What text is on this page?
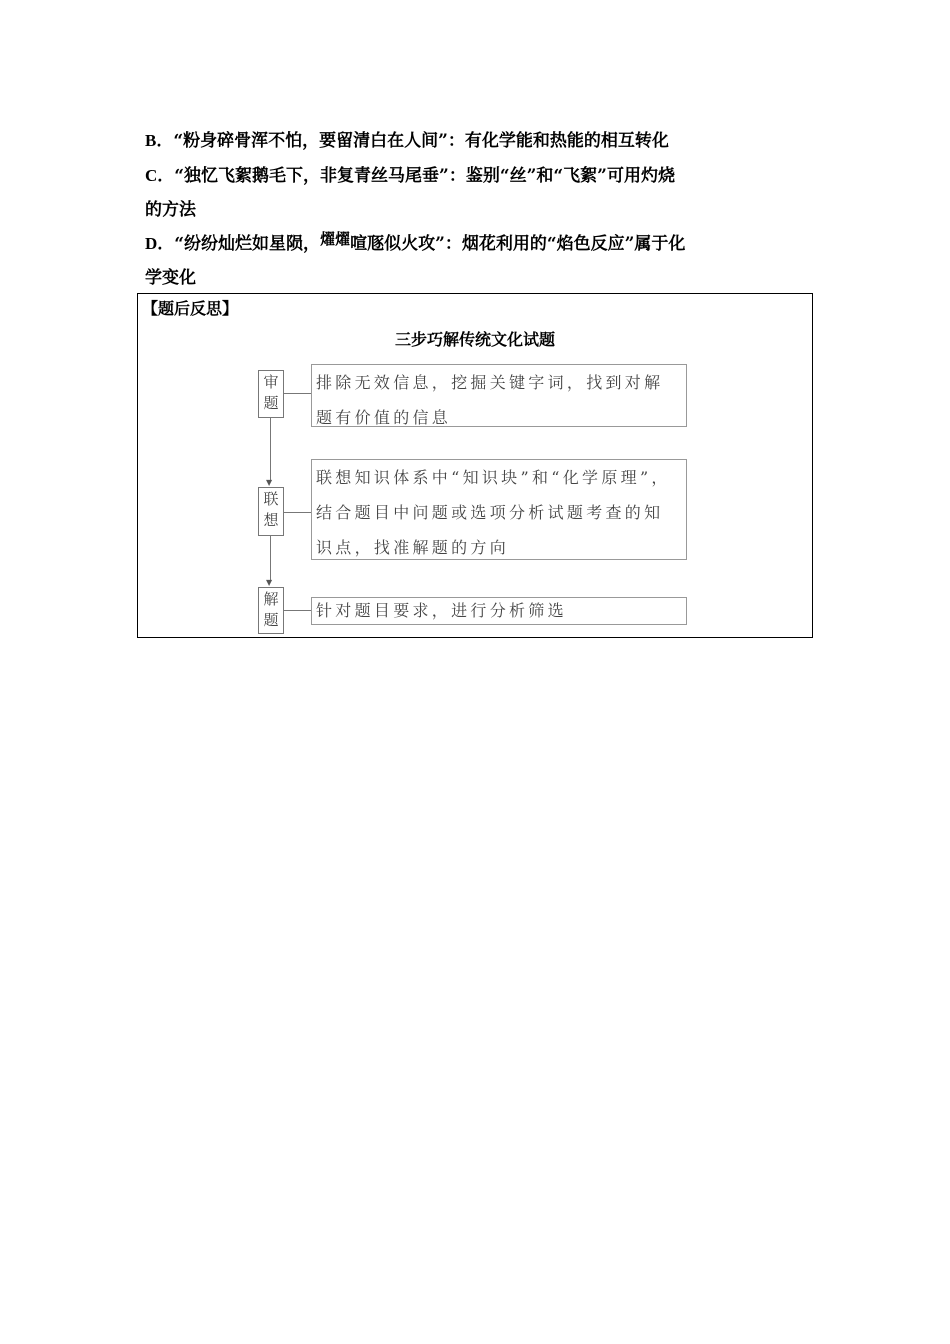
B．“粉身碎骨浑不怕，要留清白在人间”：有化学能和热能的相互转化
C．“独忆飞絮鹅毛下，非复青丝马尾垂”：鉴别“丝”和“飞絮”可用灼烧
的方法
D．“纷纷灿烂如星陨，燿燿喧豗似火攻”：烟花利用的“焰色反应”属于化
学变化
【题后反思】
三步巧解传统文化试题
审题
排除无效信息，挖掘关键字词，找到对解题有价值的信息
▼
联想
联想知识体系中“知识块”和“化学原理”，结合题目中问题或选项分析试题考查的知识点，找准解题的方向
▼
解题	针对题目要求，进行分析筛选
